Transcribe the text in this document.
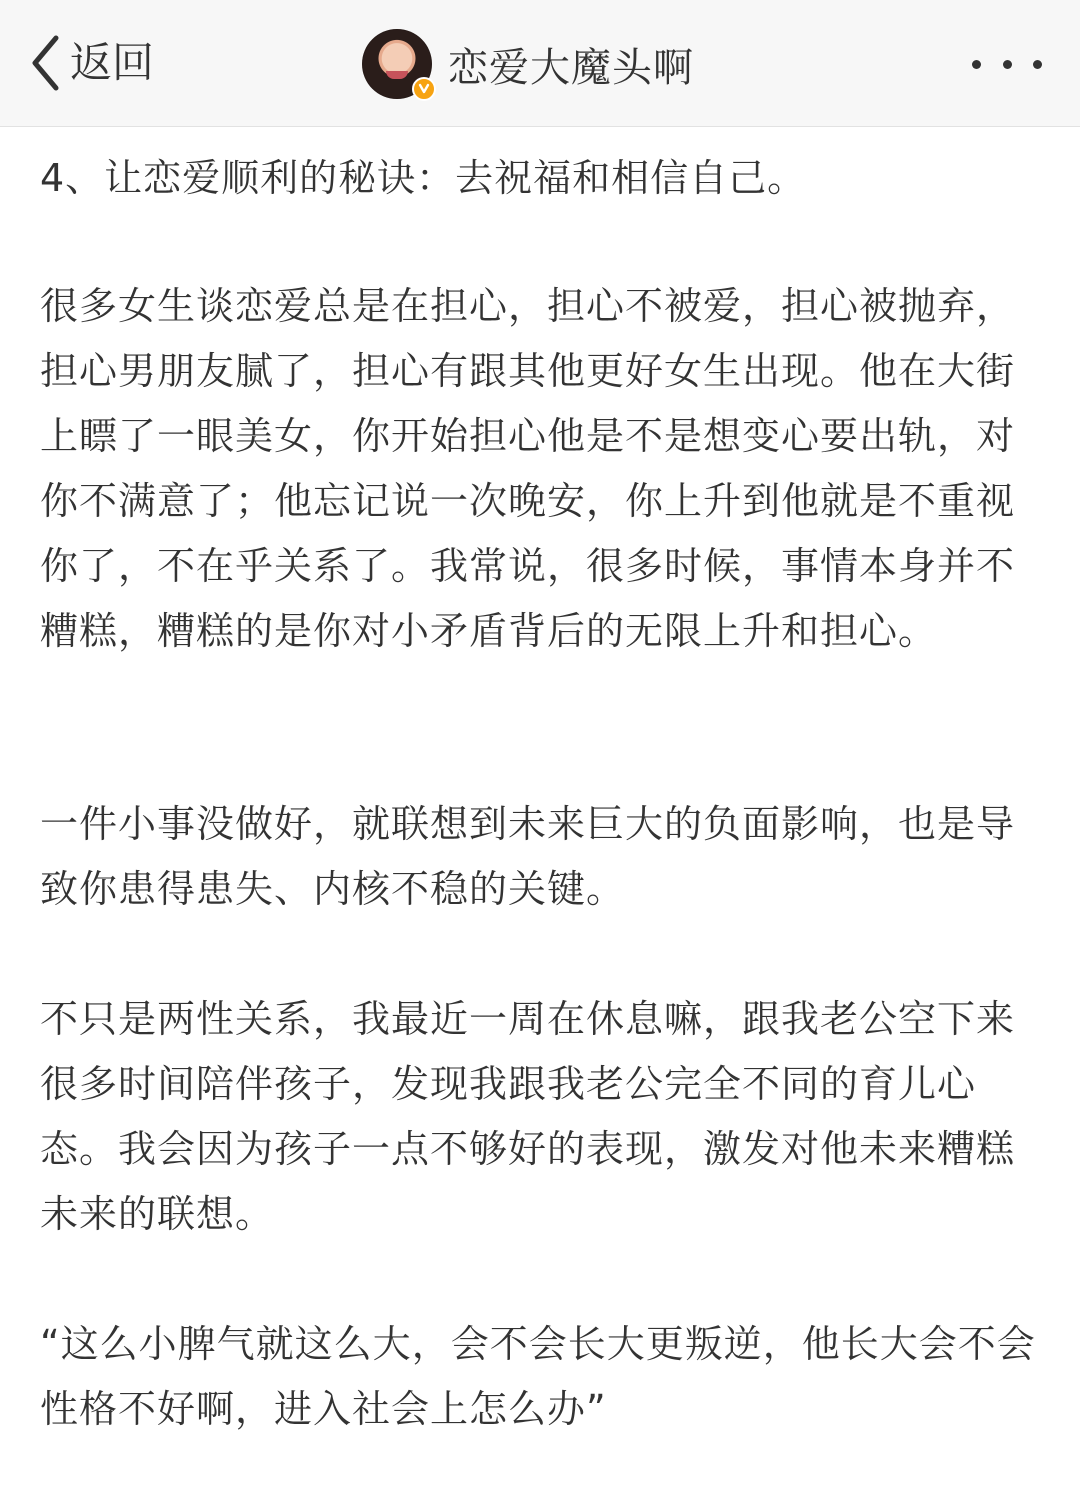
返回	恋爱大魔头啊

4、让恋爱顺利的秘诀：去祝福和相信自己。

很多女生谈恋爱总是在担心，担心不被爱，担心被抛弃，担心男朋友腻了，担心有跟其他更好女生出现。他在大街上瞟了一眼美女，你开始担心他是不是想变心要出轨，对你不满意了；他忘记说一次晚安，你上升到他就是不重视你了，不在乎关系了。我常说，很多时候，事情本身并不糟糕，糟糕的是你对小矛盾背后的无限上升和担心。

一件小事没做好，就联想到未来巨大的负面影响，也是导致你患得患失、内核不稳的关键。

不只是两性关系，我最近一周在休息嘛，跟我老公空下来很多时间陪伴孩子，发现我跟我老公完全不同的育儿心态。我会因为孩子一点不够好的表现，激发对他未来糟糕未来的联想。

“这么小脾气就这么大，会不会长大更叛逆，他长大会不会性格不好啊，进入社会上怎么办”
